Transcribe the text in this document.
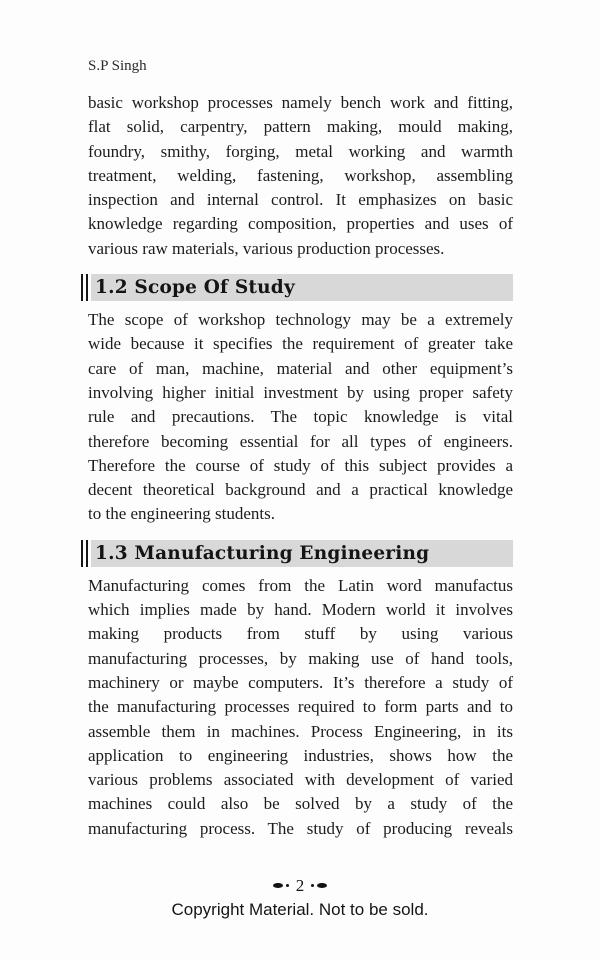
S.P Singh

basic workshop processes namely bench work and fitting,
flat solid, carpentry, pattern making, mould making,
foundry, smithy, forging, metal working and warmth
treatment, welding, fastening, workshop, assembling
inspection and internal control. It emphasizes on basic
knowledge regarding composition, properties and uses of
various raw materials, various production processes.
1.2 Scope Of Study
The scope of workshop technology may be a extremely
wide because it specifies the requirement of greater take
care of man, machine, material and other equipment’s
involving higher initial investment by using proper safety
rule and precautions. The topic knowledge is vital
therefore becoming essential for all types of engineers.
Therefore the course of study of this subject provides a
decent theoretical background and a practical knowledge
to the engineering students.
1.3 Manufacturing Engineering
Manufacturing comes from the Latin word manufactus
which implies made by hand. Modern world it involves
making products from stuff by using various
manufacturing processes, by making use of hand tools,
machinery or maybe computers. It’s therefore a study of
the manufacturing processes required to form parts and to
assemble them in machines. Process Engineering, in its
application to engineering industries, shows how the
various problems associated with development of varied
machines could also be solved by a study of the
manufacturing process. The study of producing reveals
2
Copyright Material. Not to be sold.
